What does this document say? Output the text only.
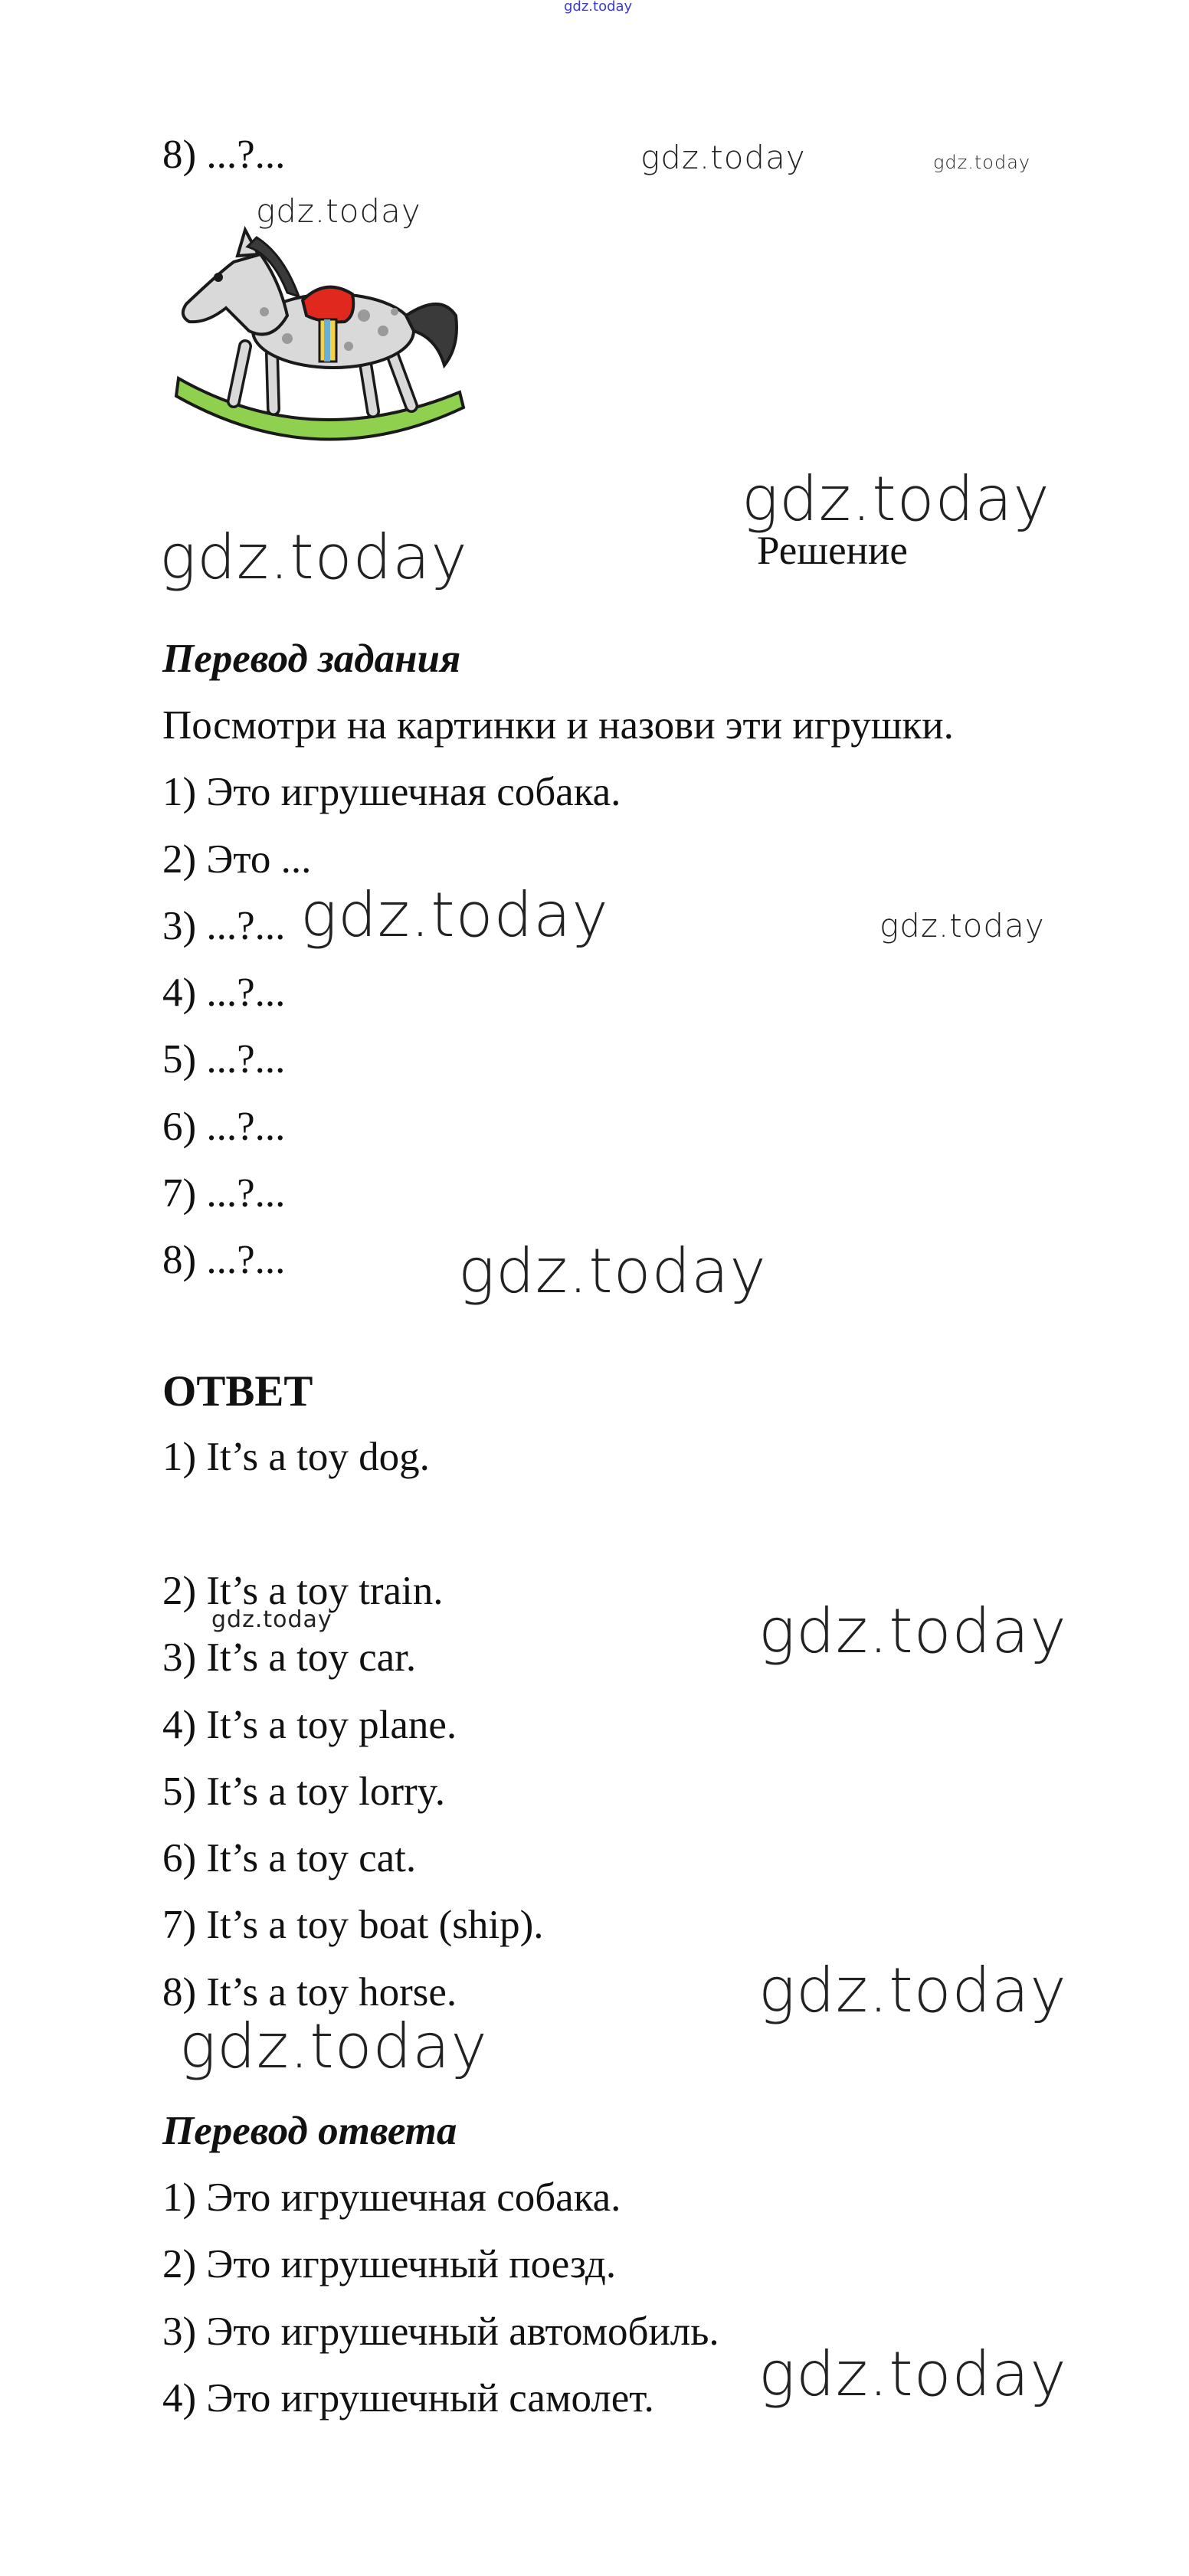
gdz.today
8) ...?...	gdz.today	gdz.today
gdz.today
gdz.today
gdz.today	Решение
Перевод задания
Посмотри на картинки и назови эти игрушки.
1) Это игрушечная собака.
2) Это ...
3) ...?... gdz.today	gdz.today
4) ...?...
5) ...?...
6) ...?...
7) ...?...
8) ...?...	gdz.today
ОТВЕТ
1) It’s a toy dog.
2) It’s a toy train.
gdz.today	gdz.today
3) It’s a toy car.
4) It’s a toy plane.
5) It’s a toy lorry.
6) It’s a toy cat.
7) It’s a toy boat (ship).
8) It’s a toy horse.	gdz.today
gdz.today
Перевод ответа
1) Это игрушечная собака.
2) Это игрушечный поезд.
3) Это игрушечный автомобиль.
gdz.today
4) Это игрушечный самолет.
